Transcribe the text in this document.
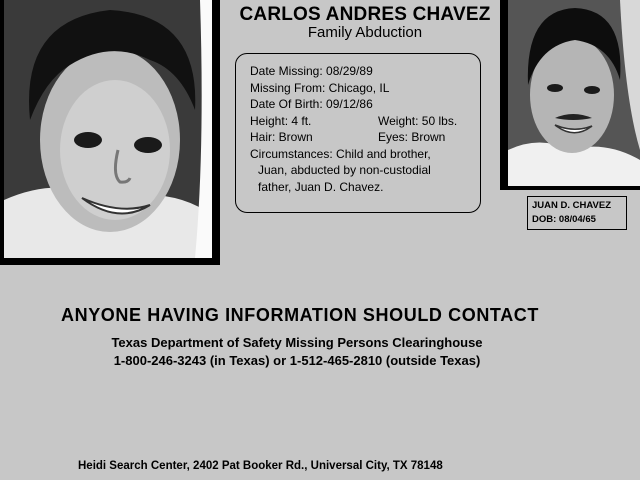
CARLOS ANDRES CHAVEZ
Family Abduction
Date Missing: 08/29/89
Missing From: Chicago, IL
Date Of Birth: 09/12/86
Height: 4 ft.	Weight: 50 lbs.
Hair: Brown	Eyes: Brown
Circumstances: Child and brother,
Juan, abducted by non-custodial
father, Juan D. Chavez.
JUAN D. CHAVEZ
DOB: 08/04/65
ANYONE HAVING INFORMATION SHOULD CONTACT
Texas Department of Safety Missing Persons Clearinghouse
1-800-246-3243 (in Texas) or 1-512-465-2810 (outside Texas)
Heidi Search Center, 2402 Pat Booker Rd., Universal City, TX 78148
